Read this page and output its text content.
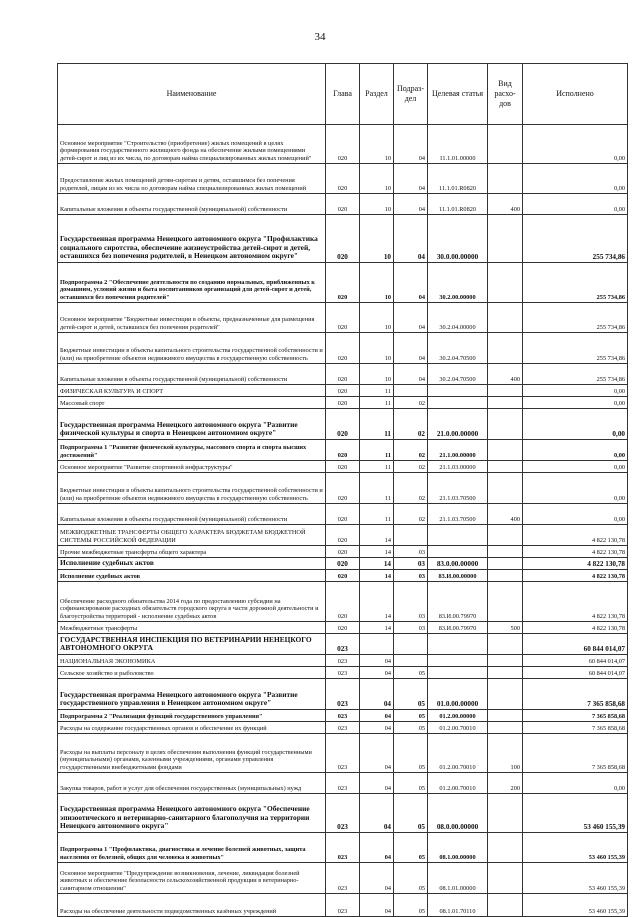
34
Наименование	Глава	Раздел	Подраз- дел	Целевая статья	Вид расхо- дов	Исполнено
Основное мероприятие "Строительство (приобретение) жилых помещений в целях формирования государственного жилищного фонда на обеспечение жилыми помещениями детей-сирот и лиц из их числа, по договорам найма специализированных жилых помещений"	020	10	04	11.1.01.00000		0,00
Предоставление жилых помещений детям-сиротам и детям, оставшимся без попечения родителей, лицам из их числа по договорам найма специализированных жилых помещений	020	10	04	11.1.01.R0820		0,00
Капитальные вложения в объекты государственной (муниципальной) собственности	020	10	04	11.1.01.R0820	400	0,00
Государственная программа Ненецкого автономного округа "Профилактика социального сиротства, обеспечение жизнеустройства детей-сирот и детей, оставшихся без попечения родителей, в Ненецком автономном округе"	020	10	04	30.0.00.00000		255 734,86
Подпрограмма 2 "Обеспечение деятельности по созданию нормальных, приближенных к домашним, условий жизни и быта воспитанников организаций для детей-сирот и детей, оставшихся без попечения родителей"	020	10	04	30.2.00.00000		255 734,86
Основное мероприятие "Бюджетные инвестиции в объекты, предназначенные для размещения детей-сирот и детей, оставшихся без попечения родителей"	020	10	04	30.2.04.00000		255 734,86
Бюджетные инвестиции в объекты капитального строительства государственной собственности и (или) на приобретение объектов недвижимого имущества в государственную собственность	020	10	04	30.2.04.70500		255 734,86
Капитальные вложения в объекты государственной (муниципальной) собственности	020	10	04	30.2.04.70500	400	255 734,86
ФИЗИЧЕСКАЯ КУЛЬТУРА И СПОРТ	020	11				0,00
Массовый спорт	020	11	02			0,00
Государственная программа Ненецкого автономного округа "Развитие физической культуры и спорта в Ненецком автономном округе"	020	11	02	21.0.00.00000		0,00
Подпрограмма 1 "Развитие физической культуры, массового спорта и спорта высших достижений"	020	11	02	21.1.00.00000		0,00
Основное мероприятие "Развитие спортивной инфраструктуры"	020	11	02	21.1.03.00000		0,00
Бюджетные инвестиции в объекты капитального строительства государственной собственности и (или) на приобретение объектов недвижимого имущества в государственную собственность	020	11	02	21.1.03.70500		0,00
Капитальные вложения в объекты государственной (муниципальной) собственности	020	11	02	21.1.03.70500	400	0,00
МЕЖБЮДЖЕТНЫЕ ТРАНСФЕРТЫ ОБЩЕГО ХАРАКТЕРА БЮДЖЕТАМ БЮДЖЕТНОЙ СИСТЕМЫ РОССИЙСКОЙ ФЕДЕРАЦИИ	020	14				4 822 130,78
Прочие межбюджетные трансферты общего характера	020	14	03			4 822 130,78
Исполнение судебных актов	020	14	03	83.0.00.00000		4 822 130,78
Исполнение судебных актов	020	14	03	83.И.00.00000		4 822 130,78
Обеспечение расходного обязательства 2014 года по предоставлению субсидии на софинансирование расходных обязательств городского округа в части дорожной деятельности и благоустройства территорий - исполнение судебных актов	020	14	03	83.И.00.79970		4 822 130,78
Межбюджетные трансферты	020	14	03	83.И.00.79970	500	4 822 130,78
ГОСУДАРСТВЕННАЯ ИНСПЕКЦИЯ ПО ВЕТЕРИНАРИИ НЕНЕЦКОГО АВТОНОМНОГО ОКРУГА	023					60 844 014,07
НАЦИОНАЛЬНАЯ ЭКОНОМИКА	023	04				60 844 014,07
Сельское хозяйство и рыболовство	023	04	05			60 844 014,07
Государственная программа Ненецкого автономного округа "Развитие государственного управления в Ненецком автономном округе"	023	04	05	01.0.00.00000		7 365 858,68
Подпрограмма 2 "Реализация функций государственного управления"	023	04	05	01.2.00.00000		7 365 858,68
Расходы на содержание государственных органов и обеспечение их функций	023	04	05	01.2.00.70010		7 365 858,68
Расходы на выплаты персоналу в целях обеспечения выполнения функций государственными (муниципальными) органами, казенными учреждениями, органами управления государственными внебюджетными фондами	023	04	05	01.2.00.70010	100	7 365 858,68
Закупка товаров, работ и услуг для обеспечения государственных (муниципальных) нужд	023	04	05	01.2.00.70010	200	0,00
Государственная программа Ненецкого автономного округа "Обеспечение эпизоотического и ветеринарно-санитарного благополучия на территории Ненецкого автономного округа"	023	04	05	08.0.00.00000		53 460 155,39
Подпрограмма 1 "Профилактика, диагностика и лечение болезней животных, защита населения от болезней, общих для человека и животных"	023	04	05	08.1.00.00000		53 460 155,39
Основное мероприятие "Предупреждение возникновения, лечение, ликвидация болезней животных и обеспечение безопасности сельскохозяйственной продукции в ветеринарно- санитарном отношении"	023	04	05	08.1.01.00000		53 460 155,39
Расходы на обеспечение деятельности подведомственных казённых учреждений	023	04	05	08.1.01.70110		53 460 155,39
